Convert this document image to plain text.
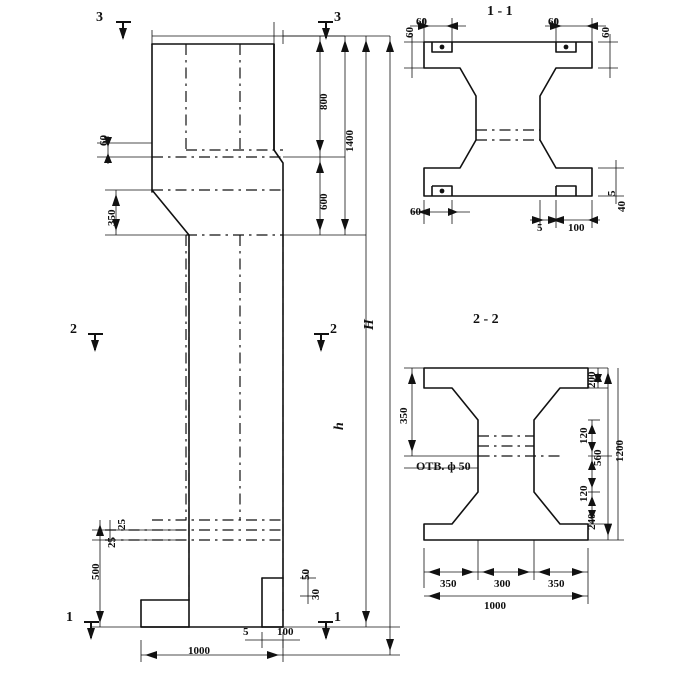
3	3
2	2
1	1
800
1400
600
350
60
H
h
500
25
25
1000
5	100
50
30
1 - 1
60	60
60	60
60
5 100
5
40
2 - 2
350
200
120
560
120
240
1200
350	300	350
1000
ОТВ. ф 50
